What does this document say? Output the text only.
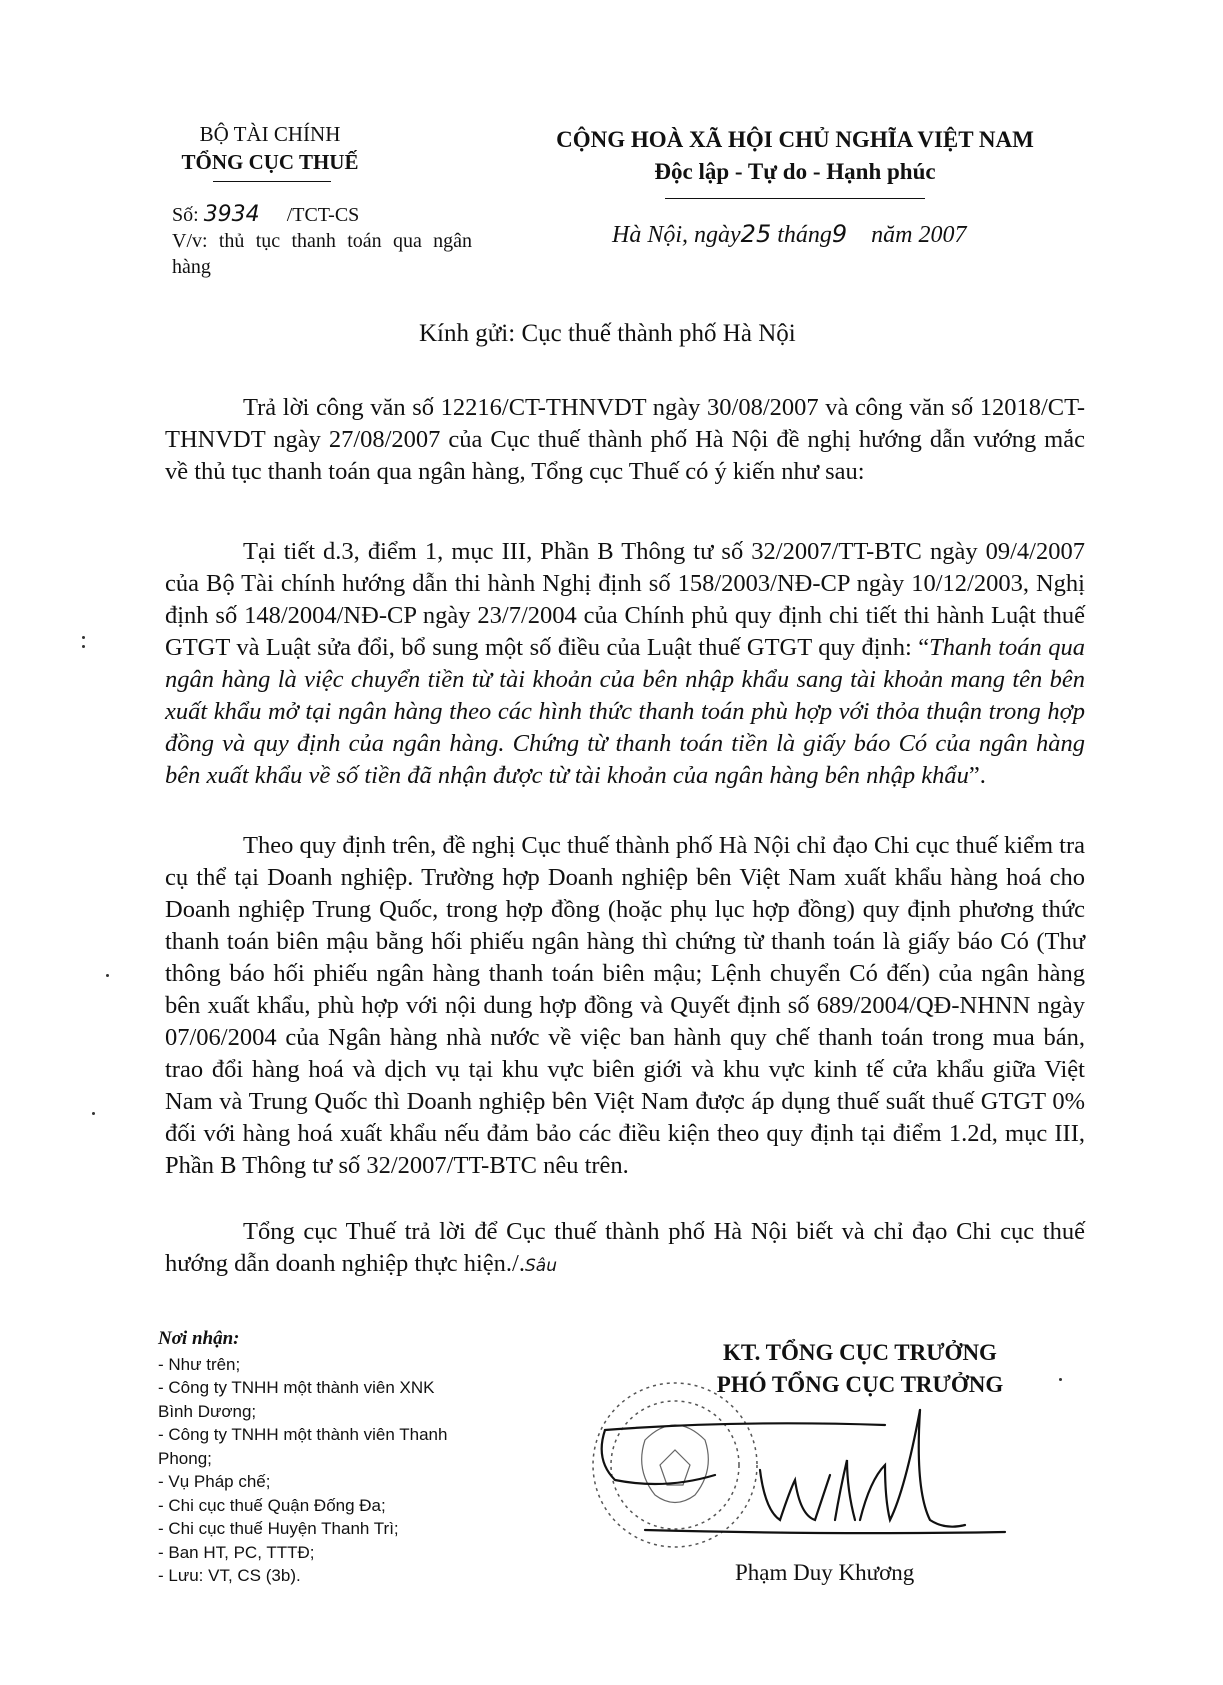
BỘ TÀI CHÍNH
TỔNG CỤC THUẾ
CỘNG HOÀ XÃ HỘI CHỦ NGHĨA VIỆT NAM
Độc lập - Tự do - Hạnh phúc
Số: 3934 /TCT-CS
V/v: thủ tục thanh toán qua ngân hàng
Hà Nội, ngày25 tháng9 năm 2007
Kính gửi: Cục thuế thành phố Hà Nội

Trả lời công văn số 12216/CT-THNVDT ngày 30/08/2007 và công văn số 12018/CT-THNVDT ngày 27/08/2007 của Cục thuế thành phố Hà Nội đề nghị hướng dẫn vướng mắc về thủ tục thanh toán qua ngân hàng, Tổng cục Thuế có ý kiến như sau:

Tại tiết d.3, điểm 1, mục III, Phần B Thông tư số 32/2007/TT-BTC ngày 09/4/2007 của Bộ Tài chính hướng dẫn thi hành Nghị định số 158/2003/NĐ-CP ngày 10/12/2003, Nghị định số 148/2004/NĐ-CP ngày 23/7/2004 của Chính phủ quy định chi tiết thi hành Luật thuế GTGT và Luật sửa đổi, bổ sung một số điều của Luật thuế GTGT quy định: “Thanh toán qua ngân hàng là việc chuyển tiền từ tài khoản của bên nhập khẩu sang tài khoản mang tên bên xuất khẩu mở tại ngân hàng theo các hình thức thanh toán phù hợp với thỏa thuận trong hợp đồng và quy định của ngân hàng. Chứng từ thanh toán tiền là giấy báo Có của ngân hàng bên xuất khẩu về số tiền đã nhận được từ tài khoản của ngân hàng bên nhập khẩu”.

Theo quy định trên, đề nghị Cục thuế thành phố Hà Nội chỉ đạo Chi cục thuế kiểm tra cụ thể tại Doanh nghiệp. Trường hợp Doanh nghiệp bên Việt Nam xuất khẩu hàng hoá cho Doanh nghiệp Trung Quốc, trong hợp đồng (hoặc phụ lục hợp đồng) quy định phương thức thanh toán biên mậu bằng hối phiếu ngân hàng thì chứng từ thanh toán là giấy báo Có (Thư thông báo hối phiếu ngân hàng thanh toán biên mậu; Lệnh chuyển Có đến) của ngân hàng bên xuất khẩu, phù hợp với nội dung hợp đồng và Quyết định số 689/2004/QĐ-NHNN ngày 07/06/2004 của Ngân hàng nhà nước về việc ban hành quy chế thanh toán trong mua bán, trao đổi hàng hoá và dịch vụ tại khu vực biên giới và khu vực kinh tế cửa khẩu giữa Việt Nam và Trung Quốc thì Doanh nghiệp bên Việt Nam được áp dụng thuế suất thuế GTGT 0% đối với hàng hoá xuất khẩu nếu đảm bảo các điều kiện theo quy định tại điểm 1.2d, mục III, Phần B Thông tư số 32/2007/TT-BTC nêu trên.

Tổng cục Thuế trả lời để Cục thuế thành phố Hà Nội biết và chỉ đạo Chi cục thuế hướng dẫn doanh nghiệp thực hiện./.Sâu

Nơi nhận:
- Như trên;
- Công ty TNHH một thành viên XNK Bình Dương;
- Công ty TNHH một thành viên Thanh Phong;
- Vụ Pháp chế;
- Chi cục thuế Quận Đống Đa;
- Chi cục thuế Huyện Thanh Trì;
- Ban HT, PC, TTTĐ;
- Lưu: VT, CS (3b).
KT. TỔNG CỤC TRƯỞNG
PHÓ TỔNG CỤC TRƯỞNG
Phạm Duy Khương
